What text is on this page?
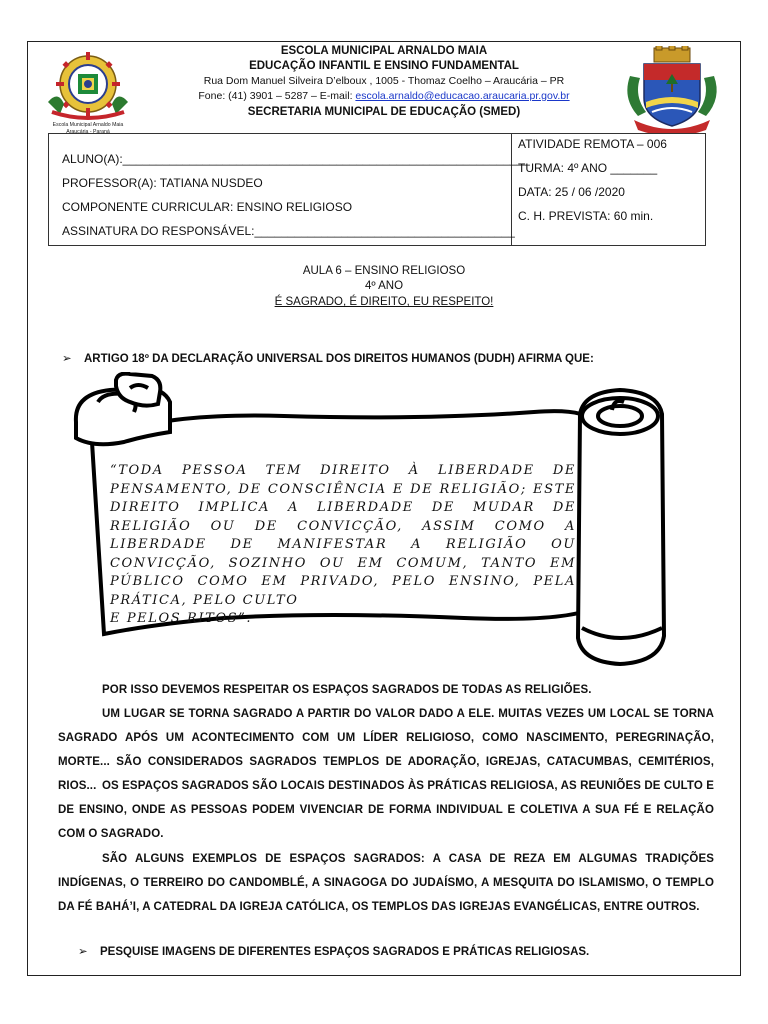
Escola Municipal Arnaldo Maia
Araucária - Paraná
ESCOLA MUNICIPAL ARNALDO MAIA
EDUCAÇÃO INFANTIL E ENSINO FUNDAMENTAL
Rua Dom Manuel Silveira D’elboux , 1005 - Thomaz Coelho – Araucária – PR
Fone: (41) 3901 – 5287 – E-mail: escola.arnaldo@educacao.araucaria.pr.gov.br
SECRETARIA MUNICIPAL DE EDUCAÇÃO (SMED)
ALUNO(A):_____________________________________________________________
PROFESSOR(A): TATIANA NUSDEO
COMPONENTE CURRICULAR: ENSINO RELIGIOSO
ASSINATURA DO RESPONSÁVEL:_______________________________________
ATIVIDADE REMOTA – 006
TURMA: 4º ANO _______
DATA: 25 / 06 /2020
C. H. PREVISTA: 60 min.
AULA 6 – ENSINO RELIGIOSO
4º ANO
É SAGRADO, É DIREITO, EU RESPEITO!
➢ ARTIGO 18º DA DECLARAÇÃO UNIVERSAL DOS DIREITOS HUMANOS (DUDH) AFIRMA QUE:
“TODA PESSOA TEM DIREITO À LIBERDADE DE PENSAMENTO, DE CONSCIÊNCIA E DE RELIGIÃO; ESTE DIREITO IMPLICA A LIBERDADE DE MUDAR DE RELIGIÃO OU DE CONVICÇÃO, ASSIM COMO A LIBERDADE DE MANIFESTAR A RELIGIÃO OU CONVICÇÃO, SOZINHO OU EM COMUM, TANTO EM PÚBLICO COMO EM PRIVADO, PELO ENSINO, PELA PRÁTICA, PELO CULTO
E PELOS RITOS”.
POR ISSO DEVEMOS RESPEITAR OS ESPAÇOS SAGRADOS DE TODAS AS RELIGIÕES.
UM LUGAR SE TORNA SAGRADO A PARTIR DO VALOR DADO A ELE. MUITAS VEZES UM LOCAL SE TORNA SAGRADO APÓS UM ACONTECIMENTO COM UM LÍDER RELIGIOSO, COMO NASCIMENTO, PEREGRINAÇÃO, MORTE... SÃO CONSIDERADOS SAGRADOS TEMPLOS DE ADORAÇÃO, IGREJAS, CATACUMBAS, CEMITÉRIOS, RIOS... OS ESPAÇOS SAGRADOS SÃO LOCAIS DESTINADOS ÀS PRÁTICAS RELIGIOSA, AS REUNIÕES DE CULTO E DE ENSINO, ONDE AS PESSOAS PODEM VIVENCIAR DE FORMA INDIVIDUAL E COLETIVA A SUA FÉ E RELAÇÃO COM O SAGRADO.
SÃO ALGUNS EXEMPLOS DE ESPAÇOS SAGRADOS: A CASA DE REZA EM ALGUMAS TRADIÇÕES INDÍGENAS, O TERREIRO DO CANDOMBLÉ, A SINAGOGA DO JUDAÍSMO, A MESQUITA DO ISLAMISMO, O TEMPLO DA FÉ BAHÁ’I, A CATEDRAL DA IGREJA CATÓLICA, OS TEMPLOS DAS IGREJAS EVANGÉLICAS, ENTRE OUTROS.
➢ PESQUISE IMAGENS DE DIFERENTES ESPAÇOS SAGRADOS E PRÁTICAS RELIGIOSAS.
